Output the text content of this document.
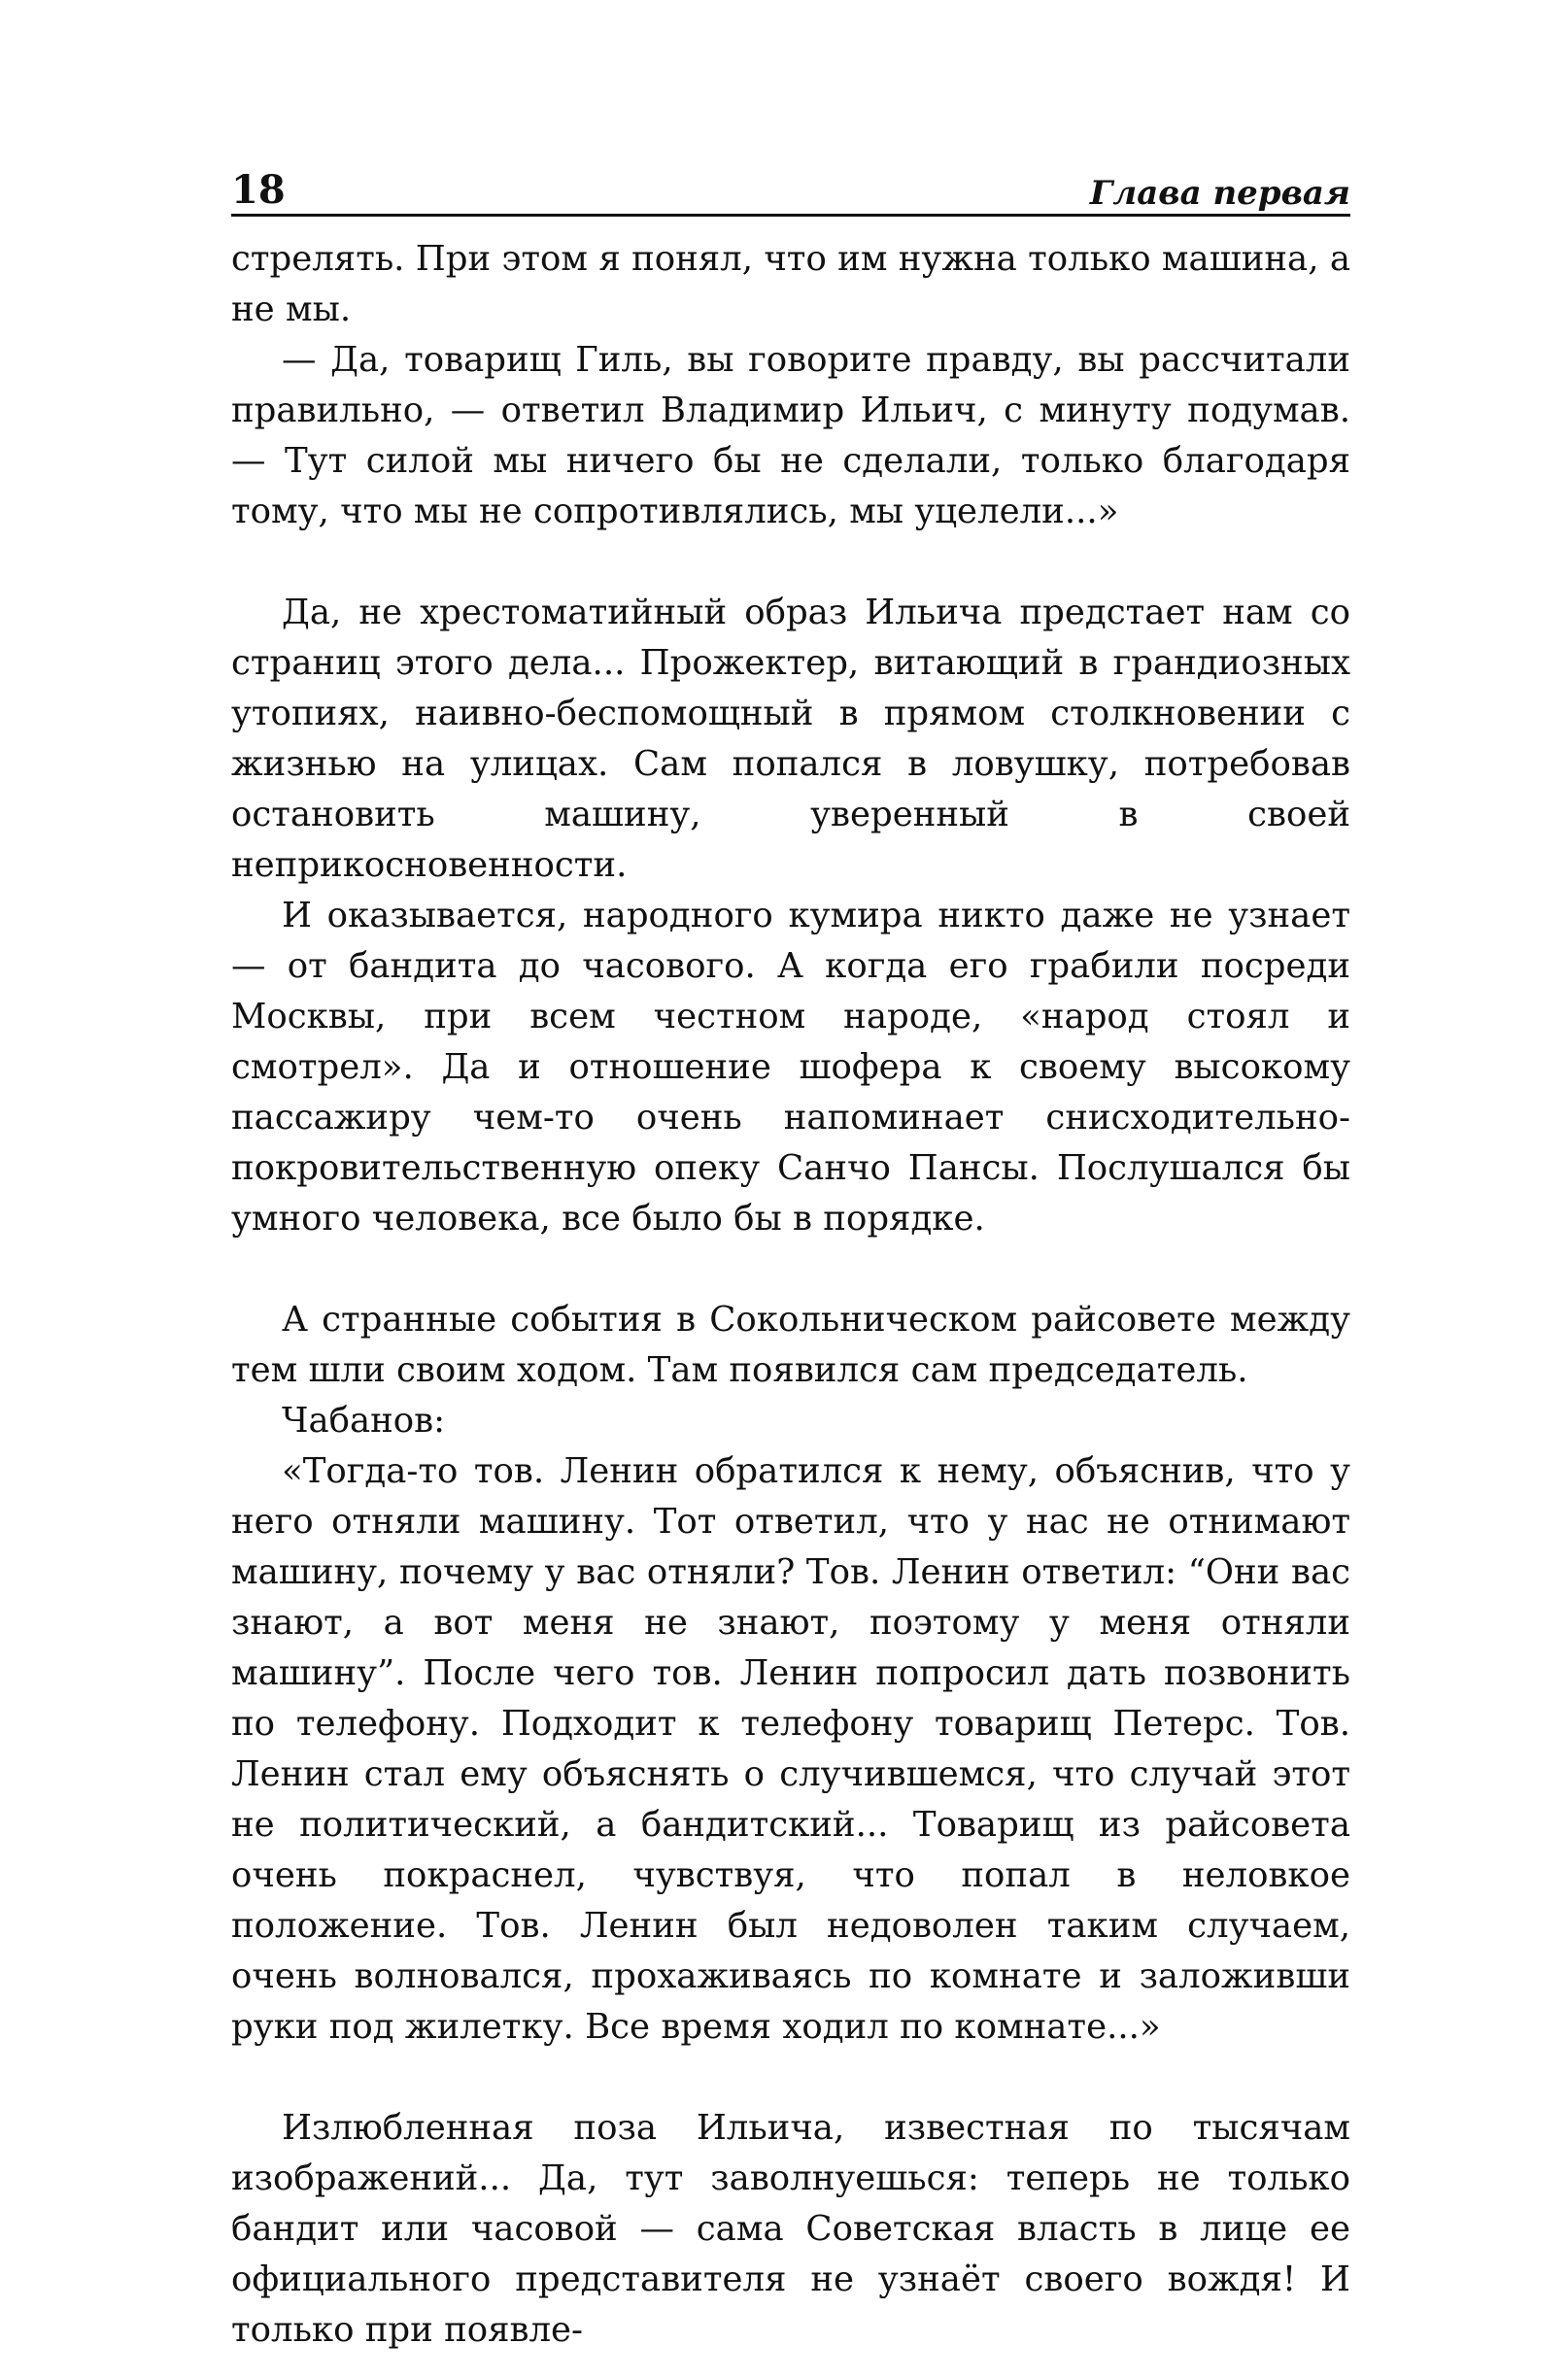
18	Глава первая

стрелять. При этом я понял, что им нужна только машина, а не мы.

— Да, товарищ Гиль, вы говорите правду, вы рассчитали правильно, — ответил Владимир Ильич, с минуту подумав. — Тут силой мы ничего бы не сделали, только благодаря тому, что мы не сопротивлялись, мы уцелели...»

Да, не хрестоматийный образ Ильича предстает нам со страниц этого дела... Прожектер, витающий в грандиозных утопиях, наивно-беспомощный в прямом столкновении с жизнью на улицах. Сам попался в ловушку, потребовав остановить машину, уверенный в своей неприкосновенности.

И оказывается, народного кумира никто даже не узнает — от бандита до часового. А когда его грабили посреди Москвы, при всем честном народе, «народ стоял и смотрел». Да и отношение шофера к своему высокому пассажиру чем-то очень напоминает снисходительно-покровительственную опеку Санчо Пансы. Послушался бы умного человека, все было бы в порядке.

А странные события в Сокольническом райсовете между тем шли своим ходом. Там появился сам председатель.

Чабанов:

«Тогда-то тов. Ленин обратился к нему, объяснив, что у него отняли машину. Тот ответил, что у нас не отнимают машину, почему у вас отняли? Тов. Ленин ответил: “Они вас знают, а вот меня не знают, поэтому у меня отняли машину”. После чего тов. Ленин попросил дать позвонить по телефону. Подходит к телефону товарищ Петерс. Тов. Ленин стал ему объяснять о случившемся, что случай этот не политический, а бандитский... Товарищ из райсовета очень покраснел, чувствуя, что попал в неловкое положение. Тов. Ленин был недоволен таким случаем, очень волновался, прохаживаясь по комнате и заложивши руки под жилетку. Все время ходил по комнате...»

Излюбленная поза Ильича, известная по тысячам изображений... Да, тут заволнуешься: теперь не только бандит или часовой — сама Советская власть в лице ее официального представителя не узнаёт своего вождя! И только при появле-
